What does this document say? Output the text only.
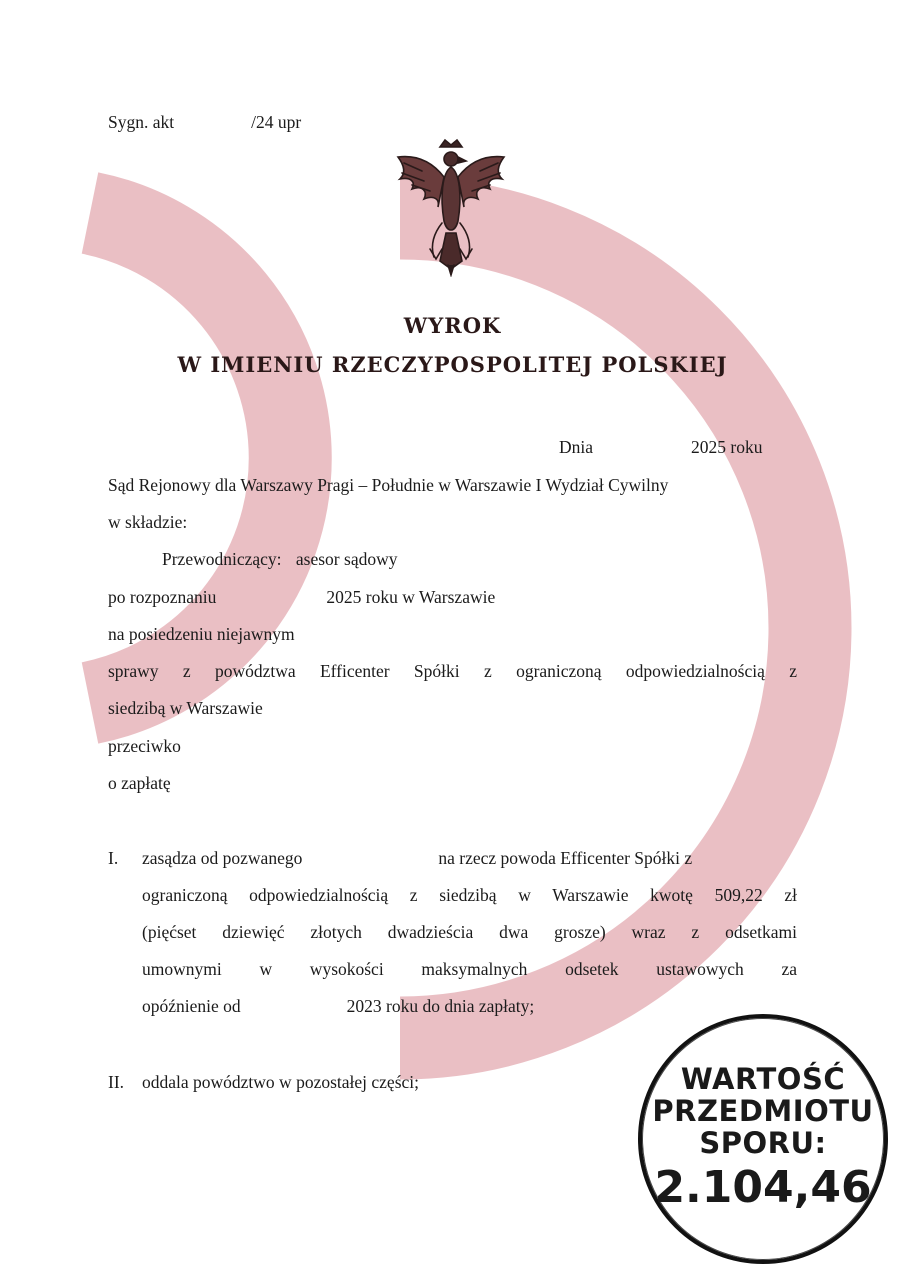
Sygn. akt	/24 upr
WYROK
W IMIENIU RZECZYPOSPOLITEJ POLSKIEJ
Dnia	2025 roku
Sąd Rejonowy dla Warszawy Pragi – Południe w Warszawie I Wydział Cywilny
w składzie:
Przewodniczący: asesor sądowy
po rozpoznaniu	2025 roku w Warszawie
na posiedzeniu niejawnym
sprawy z powództwa Efficenter Spółki z ograniczoną odpowiedzialnością z
siedzibą w Warszawie
przeciwko
o zapłatę
I. zasądza od pozwanego	na rzecz powoda Efficenter Spółki z
ograniczoną odpowiedzialnością z siedzibą w Warszawie kwotę 509,22 zł
(pięćset dziewięć złotych dwadzieścia dwa grosze) wraz z odsetkami
umownymi w wysokości maksymalnych odsetek ustawowych za
opóźnienie od	2023 roku do dnia zapłaty;
II. oddala powództwo w pozostałej części;	WARTOŚĆ
PRZEDMIOTU
SPORU:
2.104,46
